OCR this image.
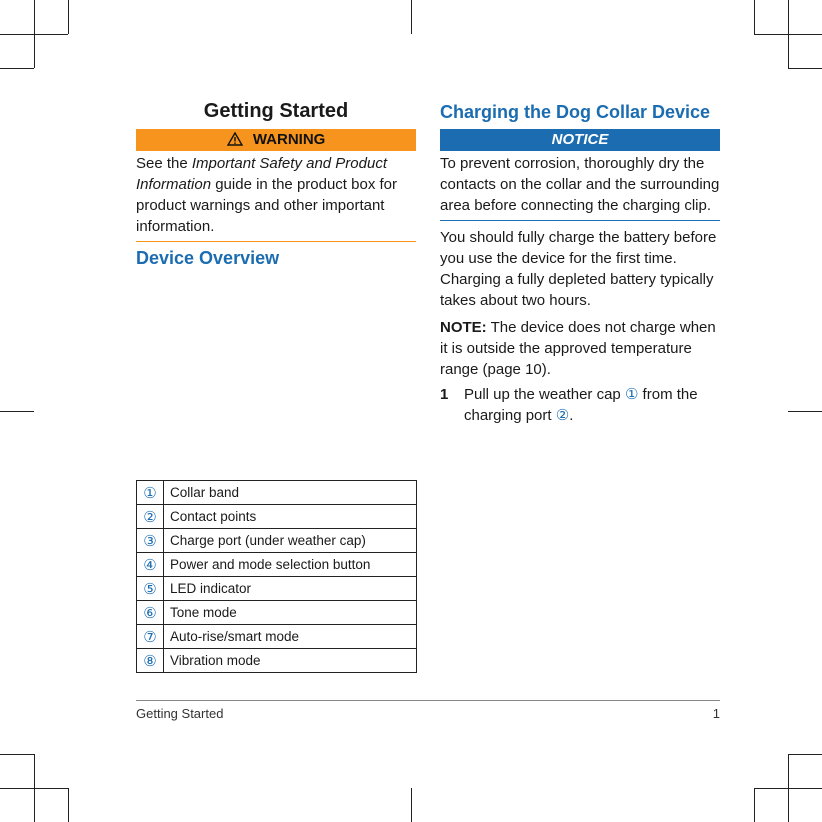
Getting Started
WARNING

See the Important Safety and Product Information guide in the product box for product warnings and other important information.

Device Overview
Charging the Dog Collar Device
NOTICE

To prevent corrosion, thoroughly dry the contacts on the collar and the surrounding area before connecting the charging clip.

You should fully charge the battery before you use the device for the first time. Charging a fully depleted battery typically takes about two hours.

NOTE: The device does not charge when it is outside the approved temperature range (page 10).

1	Pull up the weather cap ① from the charging port ②.
①	Collar band
②	Contact points
③	Charge port (under weather cap)
④	Power and mode selection button
⑤	LED indicator
⑥	Tone mode
⑦	Auto-rise/smart mode
⑧	Vibration mode
Getting Started	1
